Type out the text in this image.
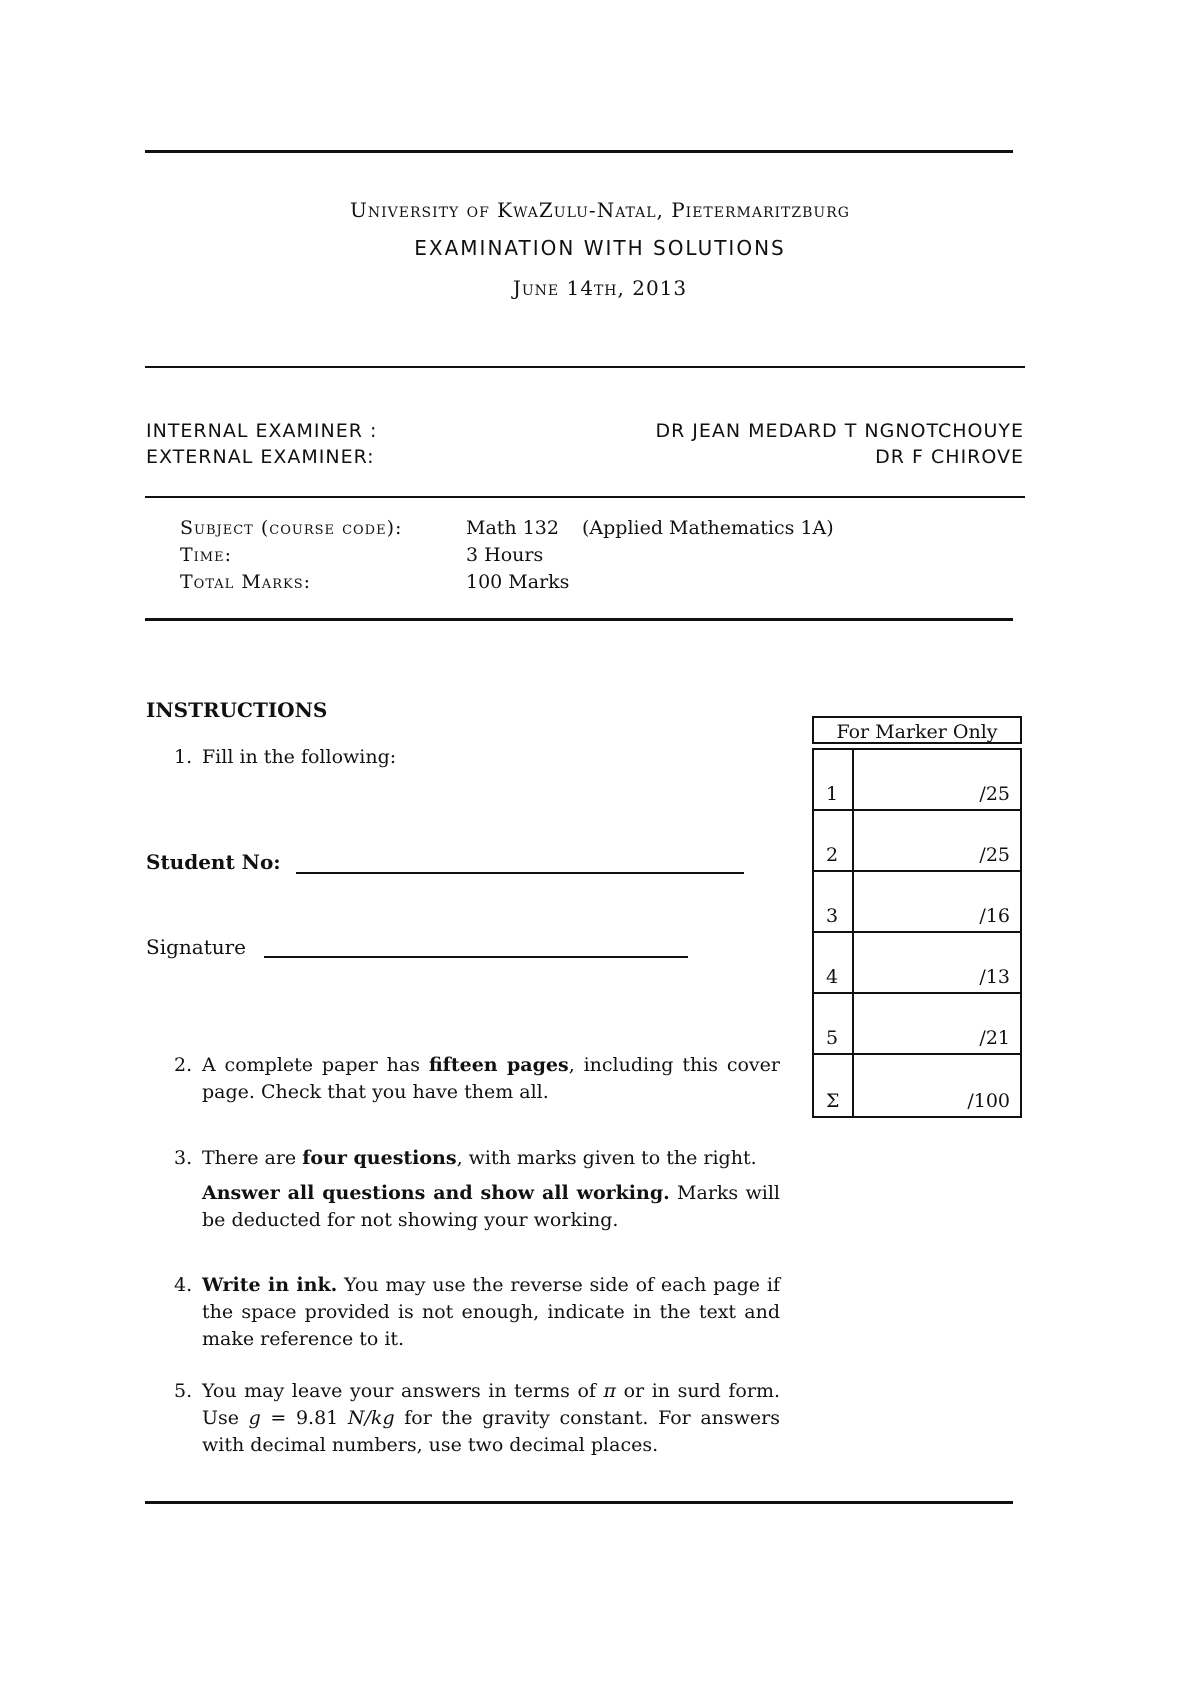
University of KwaZulu-Natal, Pietermaritzburg
EXAMINATION WITH SOLUTIONS
June 14th, 2013
INTERNAL EXAMINER :	DR JEAN MEDARD T NGNOTCHOUYE
EXTERNAL EXAMINER:	DR F CHIROVE
Subject (course code):	Math 132 (Applied Mathematics 1A)
Time:	3 Hours
Total Marks:	100 Marks
INSTRUCTIONS
1. Fill in the following:
Student No:
Signature
2. A complete paper has fifteen pages, including this cover page. Check that you have them all.
3. There are four questions, with marks given to the right.
Answer all questions and show all working. Marks will be deducted for not showing your working.
4. Write in ink. You may use the reverse side of each page if the space provided is not enough, indicate in the text and make reference to it.
5. You may leave your answers in terms of π or in surd form. Use g = 9.81 N/kg for the gravity constant. For answers with decimal numbers, use two decimal places.
For Marker Only
1	/25
2	/25
3	/16
4	/13
5	/21
Σ	/100
